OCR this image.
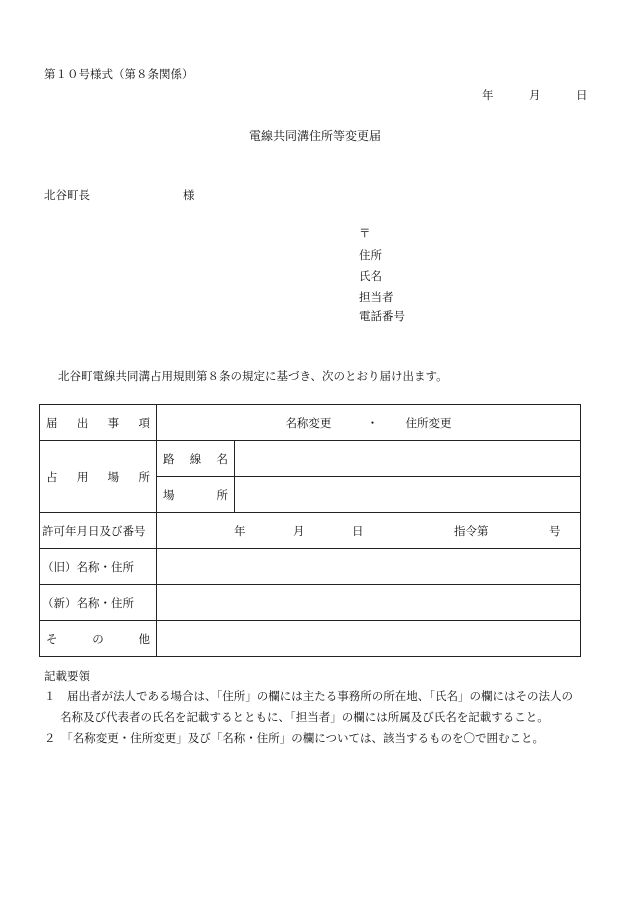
第１０号様式（第８条関係）
年	月	日
電線共同溝住所等変更届
北谷町長	様
〒
住所
氏名
担当者
電話番号
北谷町電線共同溝占用規則第８条の規定に基づき、次のとおり届け出ます。
届 出 事 項	名称変更 ・ 住所変更	

占 用 場 所	路 線 名	

	場 所	

許可年月日及び番号	年 月 日 指令第 号	

（旧）名称・住所		
（新）名称・住所		

そ の 他		

記載要領
１　届出者が法人である場合は、「住所」の欄には主たる事務所の所在地、「氏名」の欄にはその法人の
名称及び代表者の氏名を記載するとともに、「担当者」の欄には所属及び氏名を記載すること。
２　「名称変更・住所変更」及び「名称・住所」の欄については、該当するものを〇で囲むこと。
